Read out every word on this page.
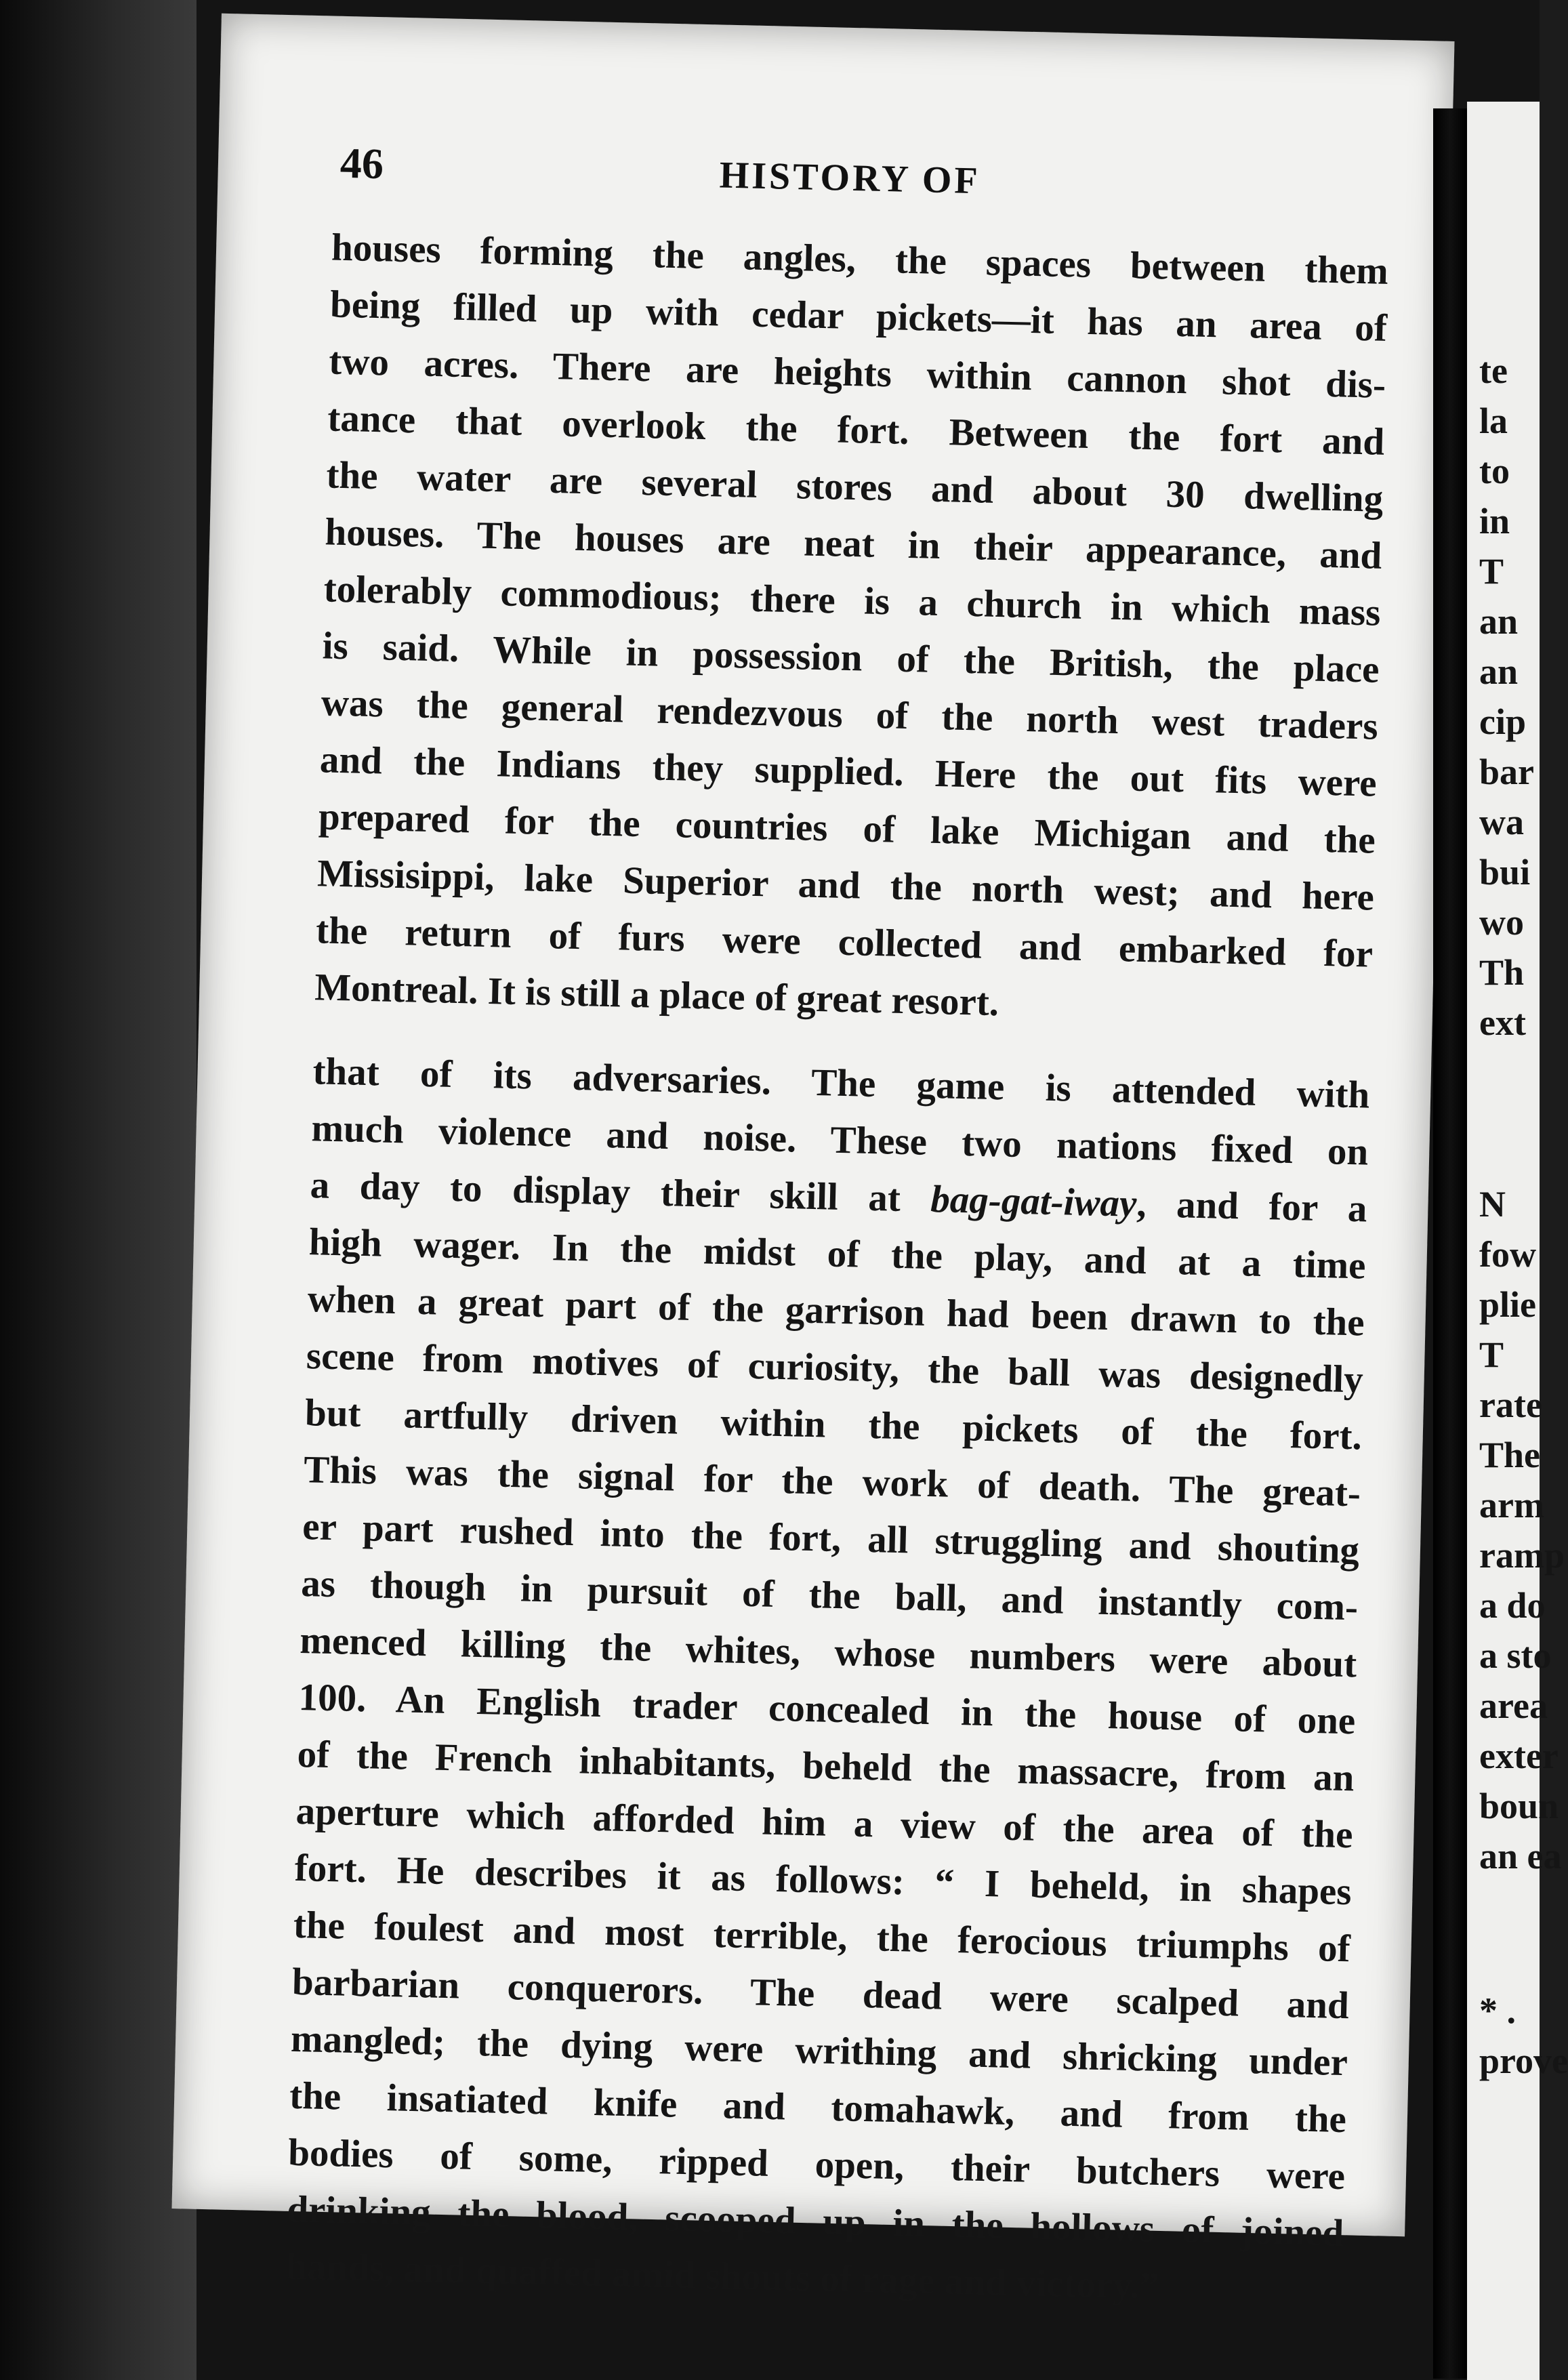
46	HISTORY OF

houses forming the angles, the spaces between them
being filled up with cedar pickets—it has an area of
two acres. There are heights within cannon shot dis-
tance that overlook the fort. Between the fort and
the water are several stores and about 30 dwelling
houses. The houses are neat in their appearance, and
tolerably commodious; there is a church in which mass
is said. While in possession of the British, the place
was the general rendezvous of the north west traders
and the Indians they supplied. Here the out fits were
prepared for the countries of lake Michigan and the
Missisippi, lake Superior and the north west; and here
the return of furs were collected and embarked for
Montreal. It is still a place of great resort.

that of its adversaries. The game is attended with
much violence and noise. These two nations fixed on
a day to display their skill at bag-gat-iway, and for a
high wager. In the midst of the play, and at a time
when a great part of the garrison had been drawn to the
scene from motives of curiosity, the ball was designedly
but artfully driven within the pickets of the fort.
This was the signal for the work of death. The great-
er part rushed into the fort, all struggling and shouting
as though in pursuit of the ball, and instantly com-
menced killing the whites, whose numbers were about
100. An English trader concealed in the house of one
of the French inhabitants, beheld the massacre, from an
aperture which afforded him a view of the area of the
fort. He describes it as follows: “ I beheld, in shapes
the foulest and most terrible, the ferocious triumphs of
barbarian conquerors. The dead were scalped and
mangled; the dying were writhing and shricking under
the insatiated knife and tomahawk, and from the
bodies of some, ripped open, their butchers were
drinking the blood, scooped up in the hollows of joined
hands, and quaffed amid shouts of rage and victory.”

te
la
to
in
T
an
an
cip
bar
wa
bui
wo
Th
ext
N
fow
plie
T
rate
The
arm
ramp
a do
a sto
area
exter
boun
an ea
* .
prove
